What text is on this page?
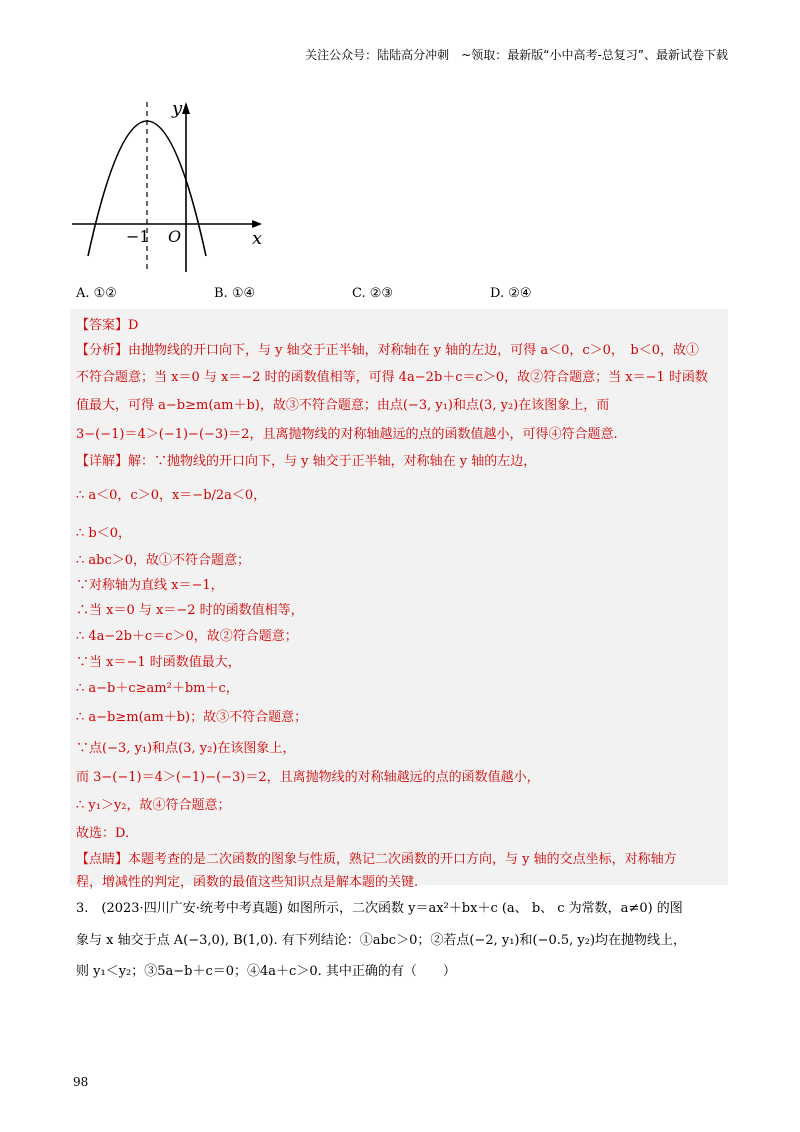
关注公众号：陆陆高分冲刺　~领取：最新版“小中高考-总复习”、最新试卷下载
y
x
O
−1
A. ①②	B. ①④	C. ②③	D. ②④
【答案】D
【分析】由抛物线的开口向下，与 y 轴交于正半轴，对称轴在 y 轴的左边，可得 a＜0，c＞0，　b＜0，故①
不符合题意；当 x＝0 与 x＝−2 时的函数值相等，可得 4a−2b＋c＝c＞0，故②符合题意；当 x＝−1 时函数
值最大，可得 a−b≥m(am＋b)，故③不符合题意；由点(−3, y₁)和点(3, y₂)在该图象上，而
3−(−1)＝4＞(−1)−(−3)＝2，且离抛物线的对称轴越远的点的函数值越小，可得④符合题意.
【详解】解：∵抛物线的开口向下，与 y 轴交于正半轴，对称轴在 y 轴的左边，
∴ a＜0，c＞0，x＝−b/2a＜0，
∴ b＜0，
∴ abc＞0，故①不符合题意；
∵对称轴为直线 x＝−1，
∴当 x＝0 与 x＝−2 时的函数值相等，
∴ 4a−2b＋c＝c＞0，故②符合题意；
∵当 x＝−1 时函数值最大，
∴ a−b＋c≥am²＋bm＋c，
∴ a−b≥m(am＋b)；故③不符合题意；
∵点(−3, y₁)和点(3, y₂)在该图象上，
而 3−(−1)＝4＞(−1)−(−3)＝2，且离抛物线的对称轴越远的点的函数值越小，
∴ y₁＞y₂，故④符合题意；
故选：D.
【点睛】本题考查的是二次函数的图象与性质，熟记二次函数的开口方向，与 y 轴的交点坐标，对称轴方
程，增减性的判定，函数的最值这些知识点是解本题的关键.
3.　(2023·四川广安·统考中考真题) 如图所示，二次函数 y＝ax²＋bx＋c (a、 b、 c 为常数，a≠0) 的图
象与 x 轴交于点 A(−3,0), B(1,0). 有下列结论：①abc＞0；②若点(−2, y₁)和(−0.5, y₂)均在抛物线上，
则 y₁＜y₂；③5a−b＋c＝0；④4a＋c＞0. 其中正确的有（　　）
98
